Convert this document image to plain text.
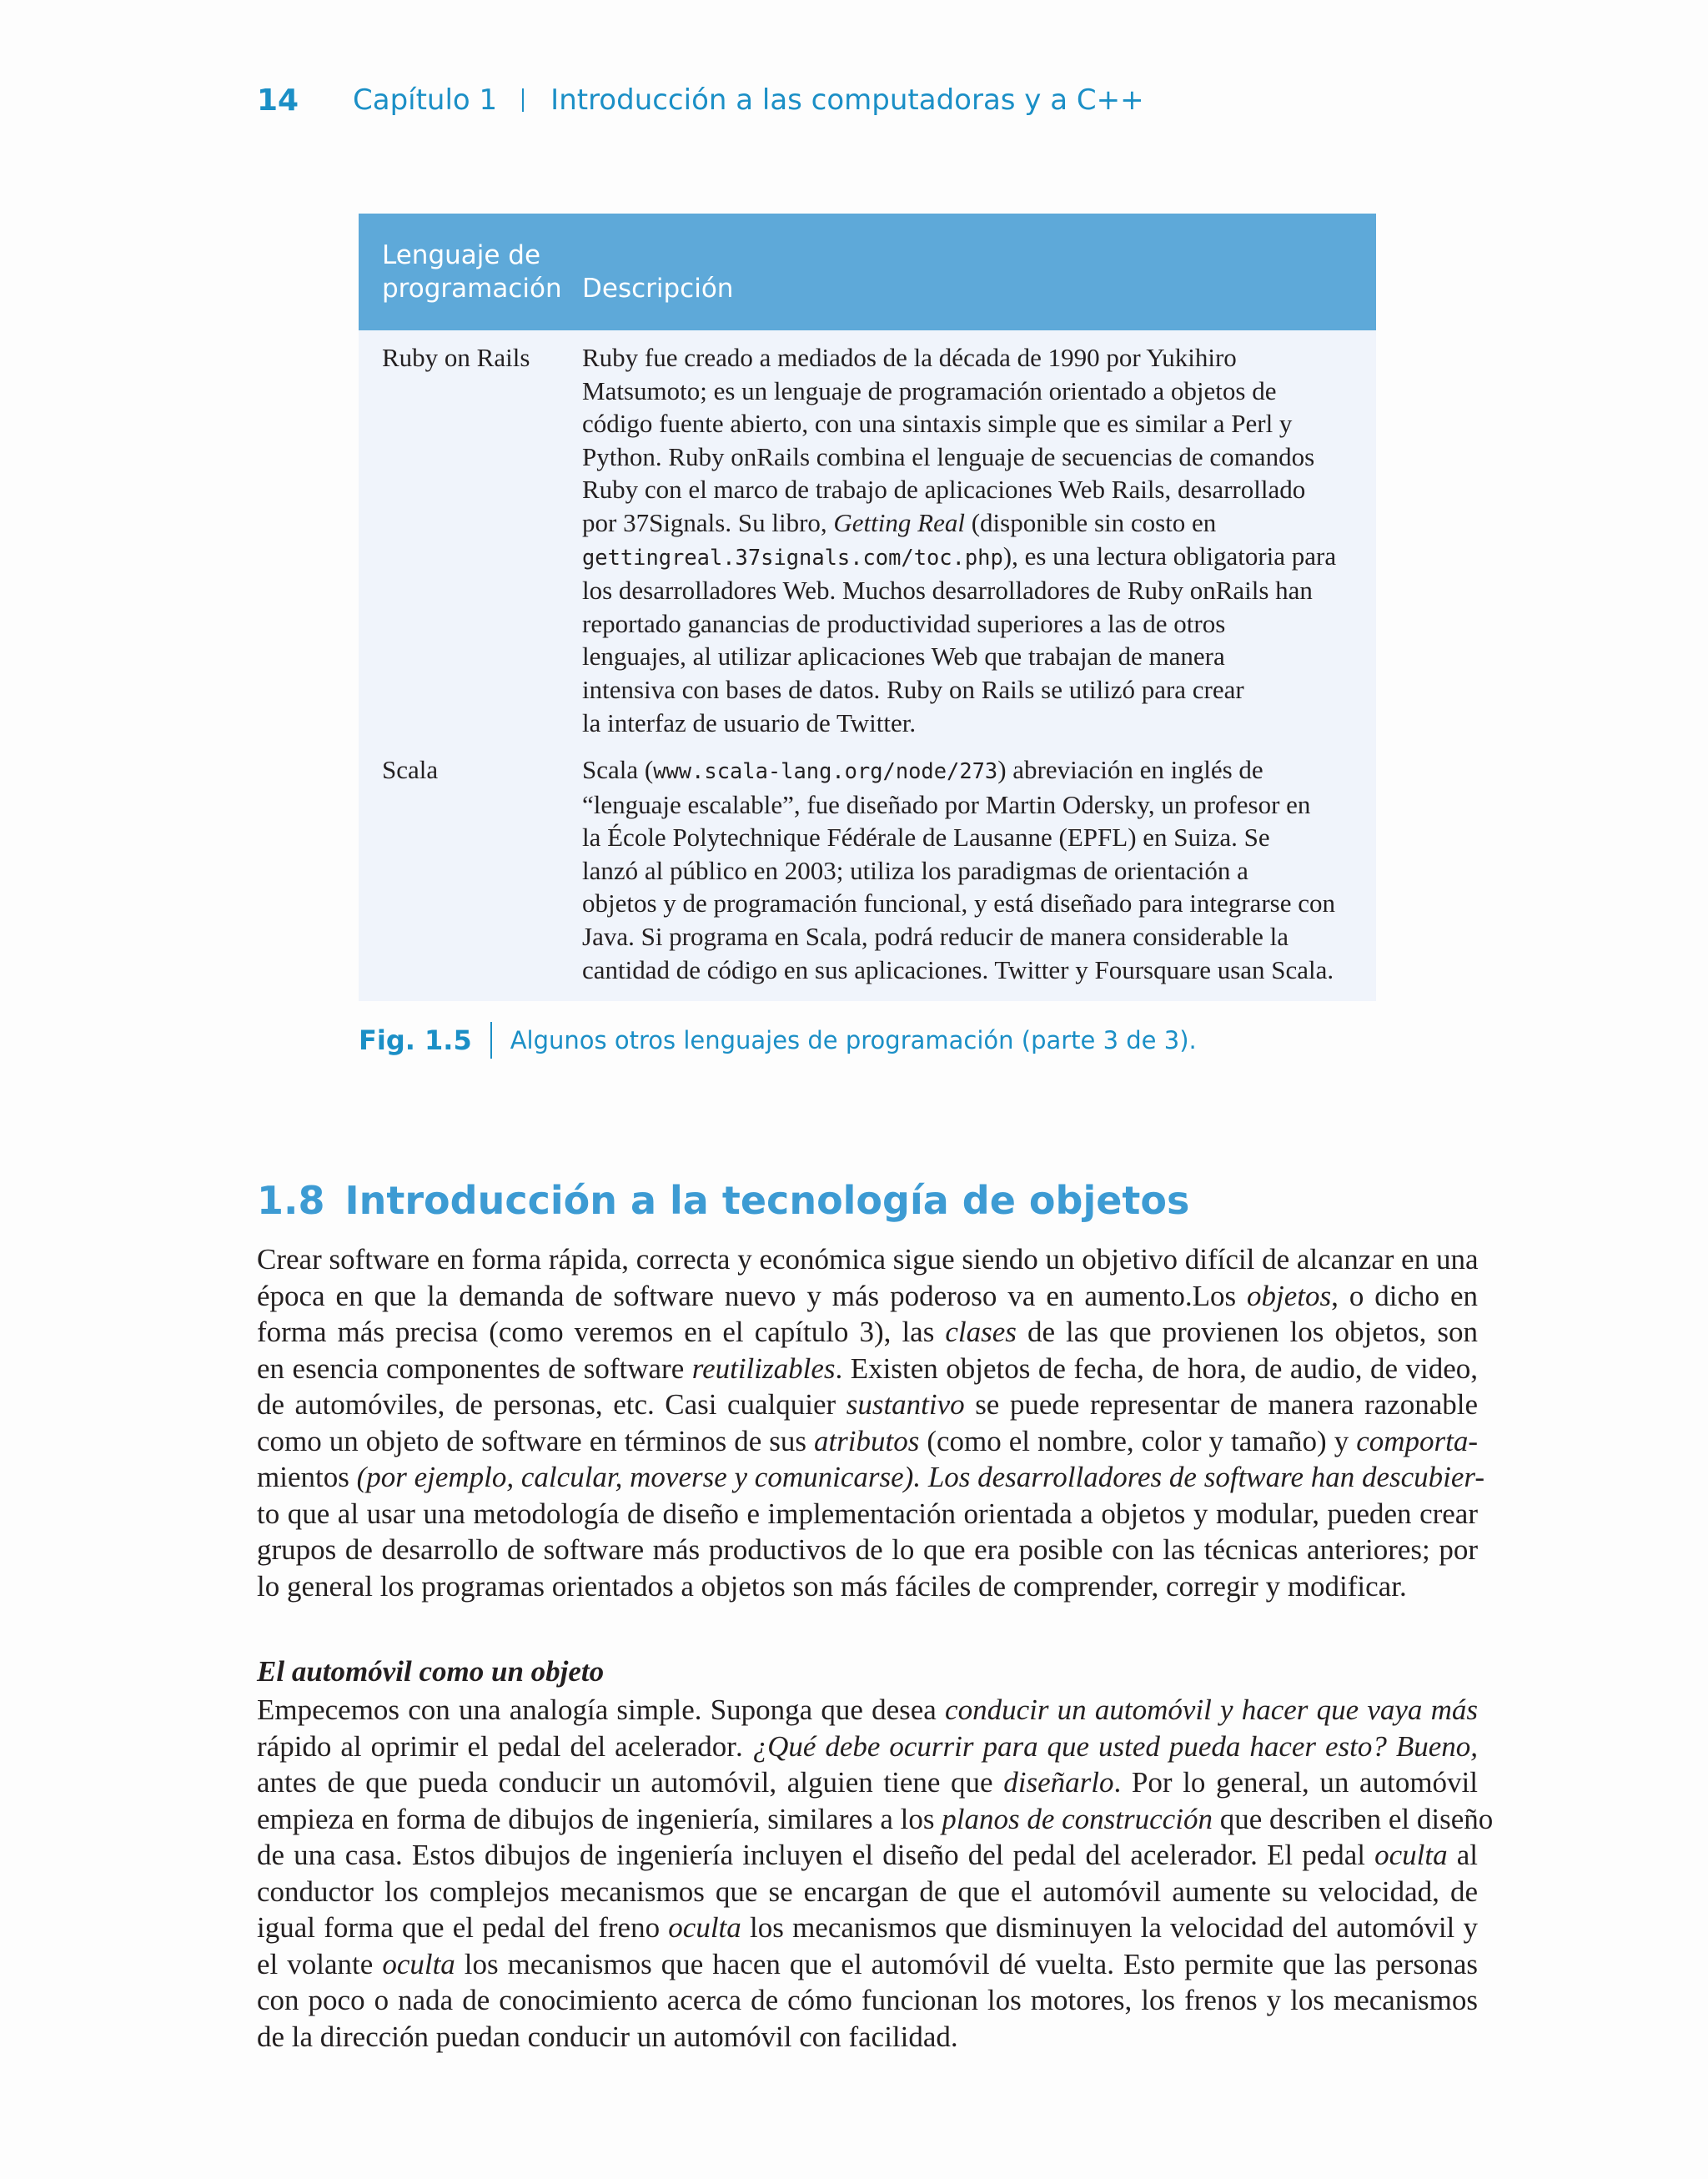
14	Capítulo 1 Introducción a las computadoras y a C++
Lenguaje de
programación Descripción
Ruby on Rails Ruby fue creado a mediados de la década de 1990 por Yukihiro
Matsumoto; es un lenguaje de programación orientado a objetos de
código fuente abierto, con una sintaxis simple que es similar a Perl y
Python. Ruby onRails combina el lenguaje de secuencias de comandos
Ruby con el marco de trabajo de aplicaciones Web Rails, desarrollado
por 37Signals. Su libro, Getting Real (disponible sin costo en
gettingreal.37signals.com/toc.php), es una lectura obligatoria para
los desarrolladores Web. Muchos desarrolladores de Ruby onRails han
reportado ganancias de productividad superiores a las de otros
lenguajes, al utilizar aplicaciones Web que trabajan de manera
intensiva con bases de datos. Ruby on Rails se utilizó para crear
la interfaz de usuario de Twitter.
Scala	Scala (www.scala-lang.org/node/273) abreviación en inglés de
“lenguaje escalable”, fue diseñado por Martin Odersky, un profesor en
la École Polytechnique Fédérale de Lausanne (EPFL) en Suiza. Se
lanzó al público en 2003; utiliza los paradigmas de orientación a
objetos y de programación funcional, y está diseñado para integrarse con
Java. Si programa en Scala, podrá reducir de manera considerable la
cantidad de código en sus aplicaciones. Twitter y Foursquare usan Scala.
Fig. 1.5 Algunos otros lenguajes de programación (parte 3 de 3).
1.8 Introducción a la tecnología de objetos
Crear software en forma rápida, correcta y económica sigue siendo un objetivo difícil de alcanzar en una
época en que la demanda de software nuevo y más poderoso va en aumento.Los objetos, o dicho en
forma más precisa (como veremos en el capítulo 3), las clases de las que provienen los objetos, son
en esencia componentes de software reutilizables. Existen objetos de fecha, de hora, de audio, de video,
de automóviles, de personas, etc. Casi cualquier sustantivo se puede representar de manera razonable
como un objeto de software en términos de sus atributos (como el nombre, color y tamaño) y comporta-
mientos (por ejemplo, calcular, moverse y comunicarse). Los desarrolladores de software han descubier-
to que al usar una metodología de diseño e implementación orientada a objetos y modular, pueden crear
grupos de desarrollo de software más productivos de lo que era posible con las técnicas anteriores; por
lo general los programas orientados a objetos son más fáciles de comprender, corregir y modificar.
El automóvil como un objeto
Empecemos con una analogía simple. Suponga que desea conducir un automóvil y hacer que vaya más
rápido al oprimir el pedal del acelerador. ¿Qué debe ocurrir para que usted pueda hacer esto? Bueno,
antes de que pueda conducir un automóvil, alguien tiene que diseñarlo. Por lo general, un automóvil
empieza en forma de dibujos de ingeniería, similares a los planos de construcción que describen el diseño
de una casa. Estos dibujos de ingeniería incluyen el diseño del pedal del acelerador. El pedal oculta al
conductor los complejos mecanismos que se encargan de que el automóvil aumente su velocidad, de
igual forma que el pedal del freno oculta los mecanismos que disminuyen la velocidad del automóvil y
el volante oculta los mecanismos que hacen que el automóvil dé vuelta. Esto permite que las personas
con poco o nada de conocimiento acerca de cómo funcionan los motores, los frenos y los mecanismos
de la dirección puedan conducir un automóvil con facilidad.
